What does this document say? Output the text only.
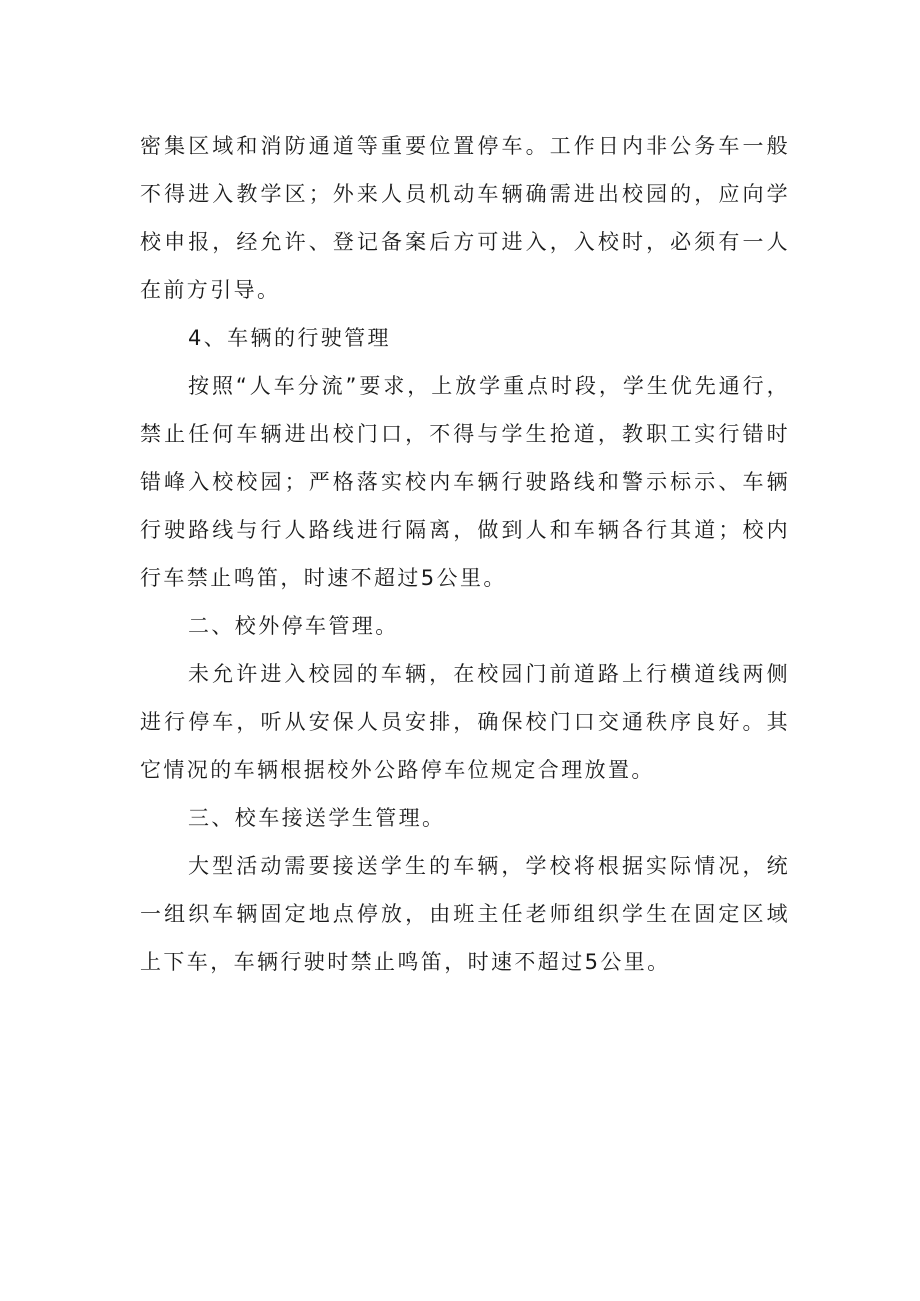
密集区域和消防通道等重要位置停车。工作日内非公务车一般不得进入教学区；外来人员机动车辆确需进出校园的，应向学校申报，经允许、登记备案后方可进入，入校时，必须有一人在前方引导。

4、车辆的行驶管理

按照“人车分流”要求，上放学重点时段，学生优先通行，禁止任何车辆进出校门口，不得与学生抢道，教职工实行错时错峰入校校园；严格落实校内车辆行驶路线和警示标示、车辆行驶路线与行人路线进行隔离，做到人和车辆各行其道；校内行车禁止鸣笛，时速不超过5公里。

二、校外停车管理。

未允许进入校园的车辆，在校园门前道路上行横道线两侧进行停车，听从安保人员安排，确保校门口交通秩序良好。其它情况的车辆根据校外公路停车位规定合理放置。

三、校车接送学生管理。

大型活动需要接送学生的车辆，学校将根据实际情况，统一组织车辆固定地点停放，由班主任老师组织学生在固定区域上下车，车辆行驶时禁止鸣笛，时速不超过5公里。
